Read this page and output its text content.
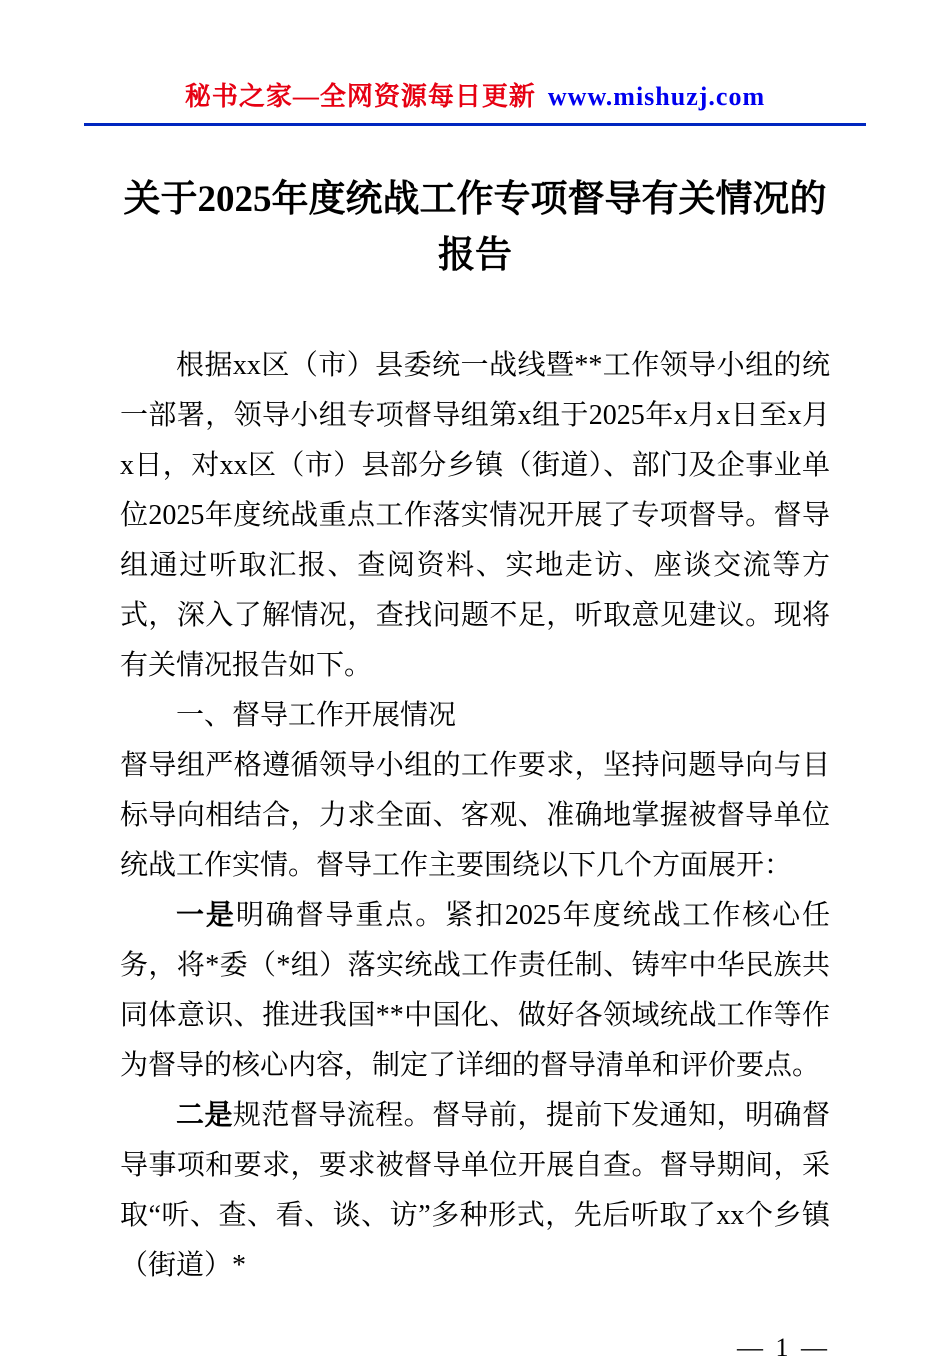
秘书之家—全网资源每日更新 www.mishuzj.com
关于2025年度统战工作专项督导有关情况的报告

根据xx区（市）县委统一战线暨**工作领导小组的统一部署，领导小组专项督导组第x组于2025年x月x日至x月x日，对xx区（市）县部分乡镇（街道）、部门及企事业单位2025年度统战重点工作落实情况开展了专项督导。督导组通过听取汇报、查阅资料、实地走访、座谈交流等方式，深入了解情况，查找问题不足，听取意见建议。现将有关情况报告如下。

一、督导工作开展情况

督导组严格遵循领导小组的工作要求，坚持问题导向与目标导向相结合，力求全面、客观、准确地掌握被督导单位统战工作实情。督导工作主要围绕以下几个方面展开：

一是明确督导重点。紧扣2025年度统战工作核心任务，将*委（*组）落实统战工作责任制、铸牢中华民族共同体意识、推进我国**中国化、做好各领域统战工作等作为督导的核心内容，制定了详细的督导清单和评价要点。

二是规范督导流程。督导前，提前下发通知，明确督导事项和要求，要求被督导单位开展自查。督导期间，采取“听、查、看、谈、访”多种形式，先后听取了xx个乡镇（街道）*

— 1 —
